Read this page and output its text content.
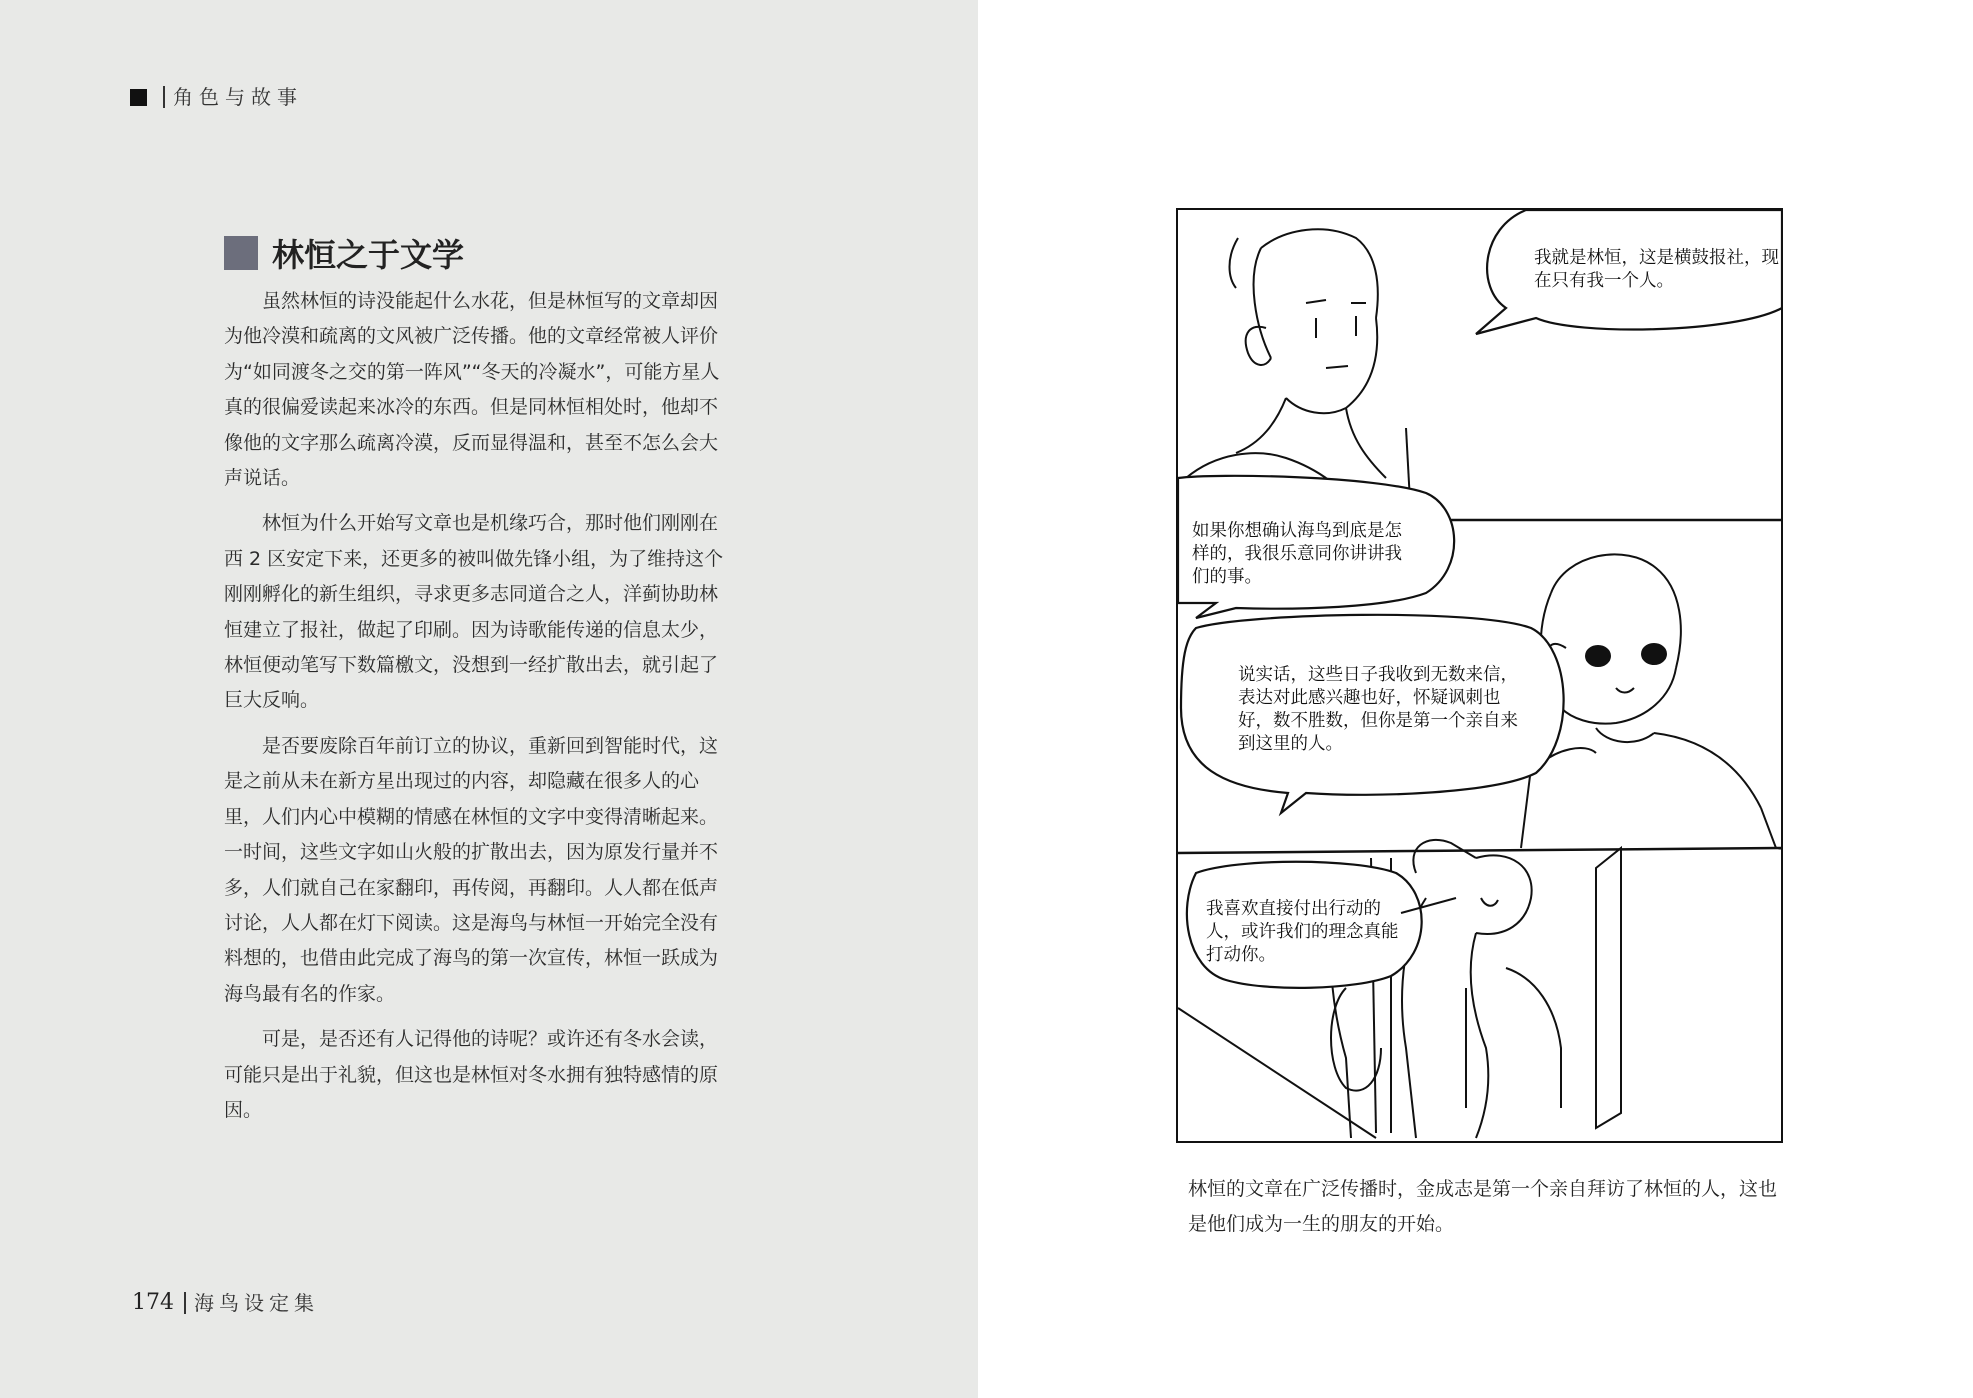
角色与故事
林恒之于文学

虽然林恒的诗没能起什么水花，但是林恒写的文章却因为他冷漠和疏离的文风被广泛传播。他的文章经常被人评价为“如同渡冬之交的第一阵风”“冬天的冷凝水”，可能方星人真的很偏爱读起来冰冷的东西。但是同林恒相处时，他却不像他的文字那么疏离冷漠，反而显得温和，甚至不怎么会大声说话。

林恒为什么开始写文章也是机缘巧合，那时他们刚刚在西 2 区安定下来，还更多的被叫做先锋小组，为了维持这个刚刚孵化的新生组织，寻求更多志同道合之人，洋蓟协助林恒建立了报社，做起了印刷。因为诗歌能传递的信息太少，林恒便动笔写下数篇檄文，没想到一经扩散出去，就引起了巨大反响。

是否要废除百年前订立的协议，重新回到智能时代，这是之前从未在新方星出现过的内容，却隐藏在很多人的心里，人们内心中模糊的情感在林恒的文字中变得清晰起来。一时间，这些文字如山火般的扩散出去，因为原发行量并不多，人们就自己在家翻印，再传阅，再翻印。人人都在低声讨论，人人都在灯下阅读。这是海鸟与林恒一开始完全没有料想的，也借由此完成了海鸟的第一次宣传，林恒一跃成为海鸟最有名的作家。

可是，是否还有人记得他的诗呢？或许还有冬水会读，可能只是出于礼貌，但这也是林恒对冬水拥有独特感情的原因。

174	海鸟设定集
我就是林恒，这是横鼓报社，现在只有我一个人。
如果你想确认海鸟到底是怎样的，我很乐意同你讲讲我们的事。
说实话，这些日子我收到无数来信，表达对此感兴趣也好，怀疑讽刺也好，数不胜数，但你是第一个亲自来到这里的人。
我喜欢直接付出行动的人，或许我们的理念真能打动你。
林恒的文章在广泛传播时，金成志是第一个亲自拜访了林恒的人，这也是他们成为一生的朋友的开始。
